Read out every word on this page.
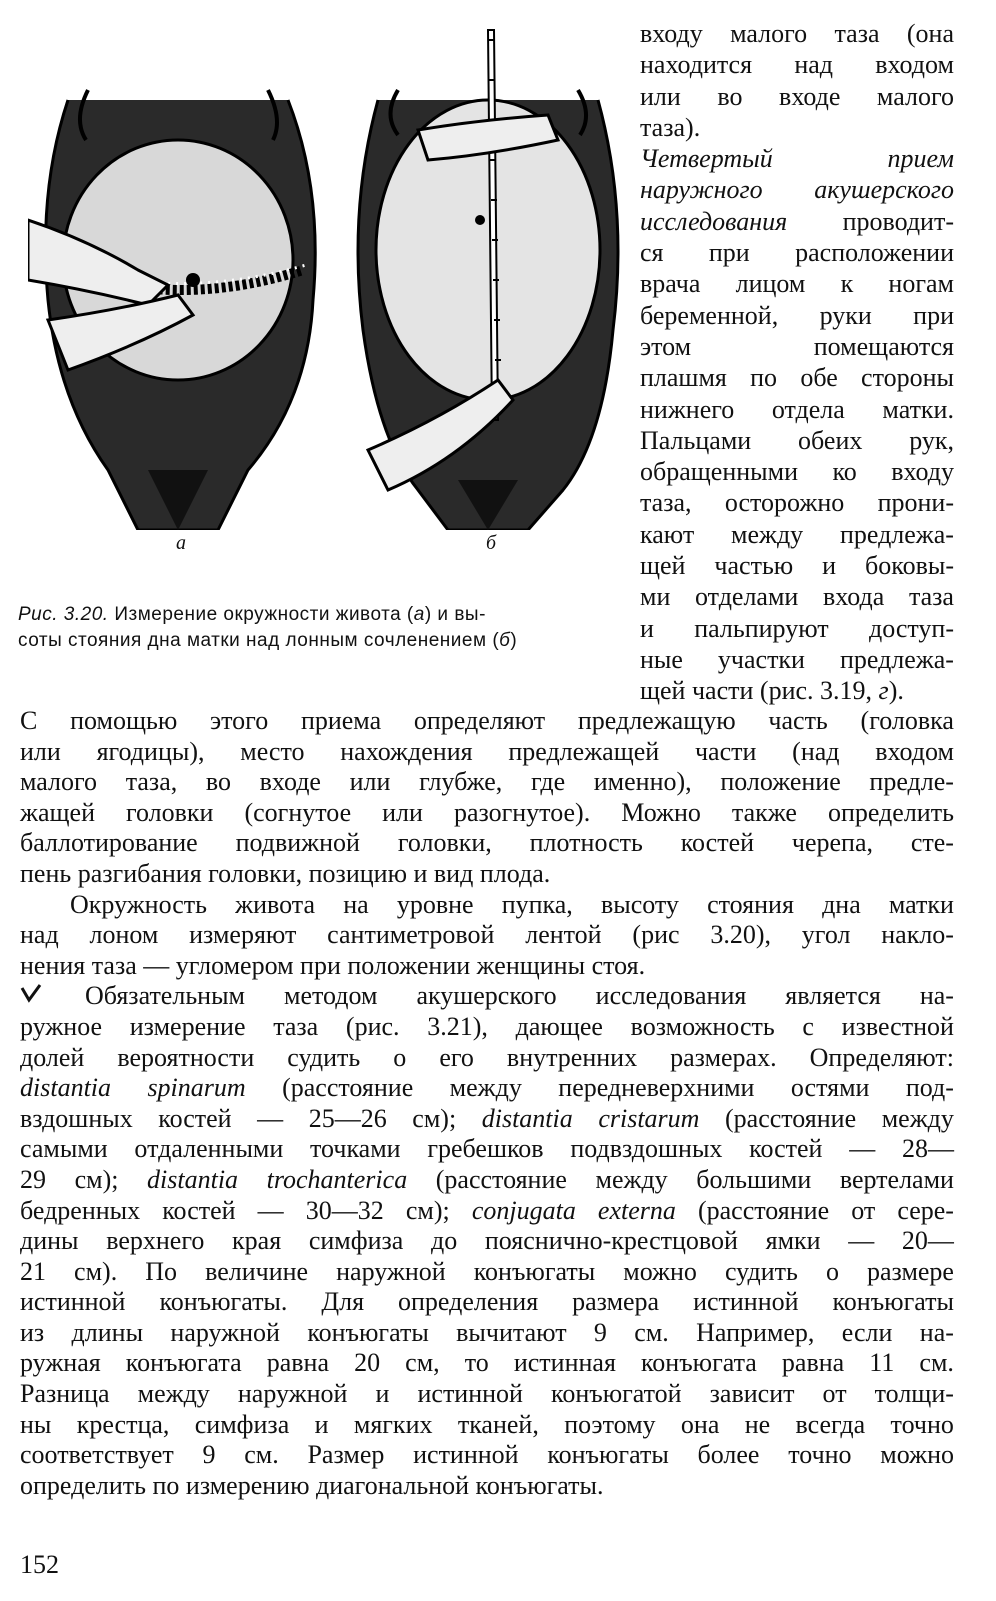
а	б
Рис. 3.20. Измерение окружности живота (а) и вы-
соты стояния дна матки над лонным сочленением (б)
входу малого таза (она
находится над входом
или во входе малого
таза).
Четвертый	прием
наружного акушерского
исследования проводит-
ся при расположении
врача лицом к ногам
беременной, руки при
этом	помещаются
плашмя по обе стороны
нижнего отдела матки.
Пальцами обеих рук,
обращенными ко входу
таза, осторожно прони-
кают между предлежа-
щей частью и боковы-
ми отделами входа таза
и пальпируют доступ-
ные участки предлежа-
щей части (рис. 3.19, г ).
С помощью этого приема определяют предлежащую часть (головка
или ягодицы), место нахождения предлежащей части (над входом
малого таза, во входе или глубже, где именно), положение предле-
жащей головки (согнутое или разогнутое). Можно также определить
баллотирование подвижной головки, плотность костей черепа, сте-
пень разгибания головки, позицию и вид плода.
Окружность живота на уровне пупка, высоту стояния дна матки
над лоном измеряют сантиметровой лентой (рис 3.20), угол накло-
нения таза — угломером при положении женщины стоя.
Обязательным методом акушерского исследования является на-
ружное измерение таза (рис. 3.21), дающее возможность с известной
долей вероятности судить о его внутренних размерах. Определяют:
distantia spinarum (расстояние между передневерхними остями под-
вздошных костей — 25—26 см); distantia cristarum (расстояние между
самыми отдаленными точками гребешков подвздошных костей — 28—
29 см); distantia trochanterica (расстояние между большими вертелами
бедренных костей — 30—32 см); conjugata externa (расстояние от сере-
дины верхнего края симфиза до пояснично-крестцовой ямки — 20—
21 см). По величине наружной конъюгаты можно судить о размере
истинной конъюгаты. Для определения размера истинной конъюгаты
из длины наружной конъюгаты вычитают 9 см. Например, если на-
ружная конъюгата равна 20 см, то истинная конъюгата равна 11 см.
Разница между наружной и истинной конъюгатой зависит от толщи-
ны крестца, симфиза и мягких тканей, поэтому она не всегда точно
соответствует 9 см. Размер истинной конъюгаты более точно можно
определить по измерению диагональной конъюгаты.
152
